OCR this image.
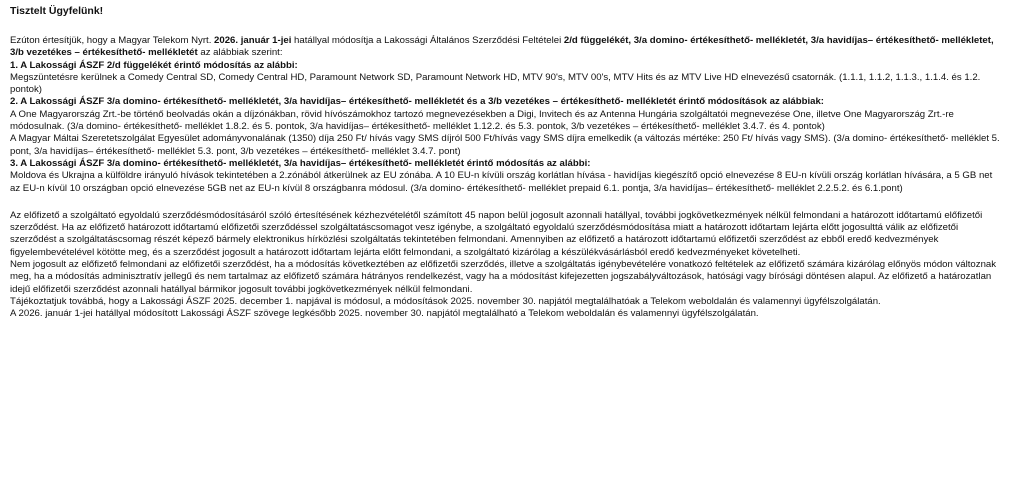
Tisztelt Ügyfelünk!

Ezúton értesítjük, hogy a Magyar Telekom Nyrt. 2026. január 1-jei hatállyal módosítja a Lakossági Általános Szerződési Feltételei 2/d függelékét, 3/a domino- értékesíthető- mellékletét, 3/a havidíjas– értékesíthető- mellékletet, 3/b vezetékes – értékesíthető- mellékletét az alábbiak szerint:

1. A Lakossági ÁSZF 2/d függelékét érintő módosítás az alábbi:

Megszüntetésre kerülnek a Comedy Central SD, Comedy Central HD, Paramount Network SD, Paramount Network HD, MTV 90's, MTV 00's, MTV Hits és az MTV Live HD elnevezésű csatornák. (1.1.1, 1.1.2, 1.1.3., 1.1.4. és 1.2. pontok)

2. A Lakossági ÁSZF 3/a domino- értékesíthető- mellékletét, 3/a havidíjas– értékesíthető- mellékletét és a 3/b vezetékes – értékesíthető- mellékletét érintő módosítások az alábbiak:

A One Magyarország Zrt.-be történő beolvadás okán a díjzónákban, rövid hívószámokhoz tartozó megnevezésekben a Digi, Invitech és az Antenna Hungária szolgáltatói megnevezése One, illetve One Magyarország Zrt.-re módosulnak. (3/a domino- értékesíthető- melléklet 1.8.2. és 5. pontok, 3/a havidíjas– értékesíthető- melléklet 1.12.2. és 5.3. pontok, 3/b vezetékes – értékesíthető- melléklet 3.4.7. és 4. pontok)

A Magyar Máltai Szeretetszolgálat Egyesület adományvonalának (1350) díja 250 Ft/ hívás vagy SMS díjról 500 Ft/hívás vagy SMS díjra emelkedik (a változás mértéke: 250 Ft/ hívás vagy SMS). (3/a domino- értékesíthető- melléklet 5. pont, 3/a havidíjas– értékesíthető- melléklet 5.3. pont, 3/b vezetékes – értékesíthető- melléklet 3.4.7. pont)

3. A Lakossági ÁSZF 3/a domino- értékesíthető- mellékletét, 3/a havidíjas– értékesíthető- mellékletét érintő módosítás az alábbi:

Moldova és Ukrajna a külföldre irányuló hívások tekintetében a 2.zónából átkerülnek az EU zónába. A 10 EU-n kívüli ország korlátlan hívása - havidíjas kiegészítő opció elnevezése 8 EU-n kívüli ország korlátlan hívására, a 5 GB net az EU-n kívül 10 országban opció elnevezése 5GB net az EU-n kívül 8 országbanra módosul. (3/a domino- értékesíthető- melléklet prepaid 6.1. pontja, 3/a havidíjas– értékesíthető- melléklet 2.2.5.2. és 6.1.pont)

Az előfizető a szolgáltató egyoldalú szerződésmódosításáról szóló értesítésének kézhezvételétől számított 45 napon belül jogosult azonnali hatállyal, további jogkövetkezmények nélkül felmondani a határozott időtartamú előfizetői szerződést. Ha az előfizető határozott időtartamú előfizetői szerződéssel szolgáltatáscsomagot vesz igénybe, a szolgáltató egyoldalú szerződésmódosítása miatt a határozott időtartam lejárta előtt jogosulttá válik az előfizetői szerződést a szolgáltatáscsomag részét képező bármely elektronikus hírközlési szolgáltatás tekintetében felmondani. Amennyiben az előfizető a határozott időtartamú előfizetői szerződést az ebből eredő kedvezmények figyelembevételével kötötte meg, és a szerződést jogosult a határozott időtartam lejárta előtt felmondani, a szolgáltató kizárólag a készülékvásárlásból eredő kedvezményeket követelheti.

Nem jogosult az előfizető felmondani az előfizetői szerződést, ha a módosítás következtében az előfizetői szerződés, illetve a szolgáltatás igénybevételére vonatkozó feltételek az előfizető számára kizárólag előnyös módon változnak meg, ha a módosítás adminisztratív jellegű és nem tartalmaz az előfizető számára hátrányos rendelkezést, vagy ha a módosítást kifejezetten jogszabályváltozások, hatósági vagy bírósági döntésen alapul. Az előfizető a határozatlan idejű előfizetői szerződést azonnali hatállyal bármikor jogosult további jogkövetkezmények nélkül felmondani.

Tájékoztatjuk továbbá, hogy a Lakossági ÁSZF 2025. december 1. napjával is módosul, a módosítások 2025. november 30. napjától megtalálhatóak a Telekom weboldalán és valamennyi ügyfélszolgálatán.

A 2026. január 1-jei hatállyal módosított Lakossági ÁSZF szövege legkésőbb 2025. november 30. napjától megtalálható a Telekom weboldalán és valamennyi ügyfélszolgálatán.
